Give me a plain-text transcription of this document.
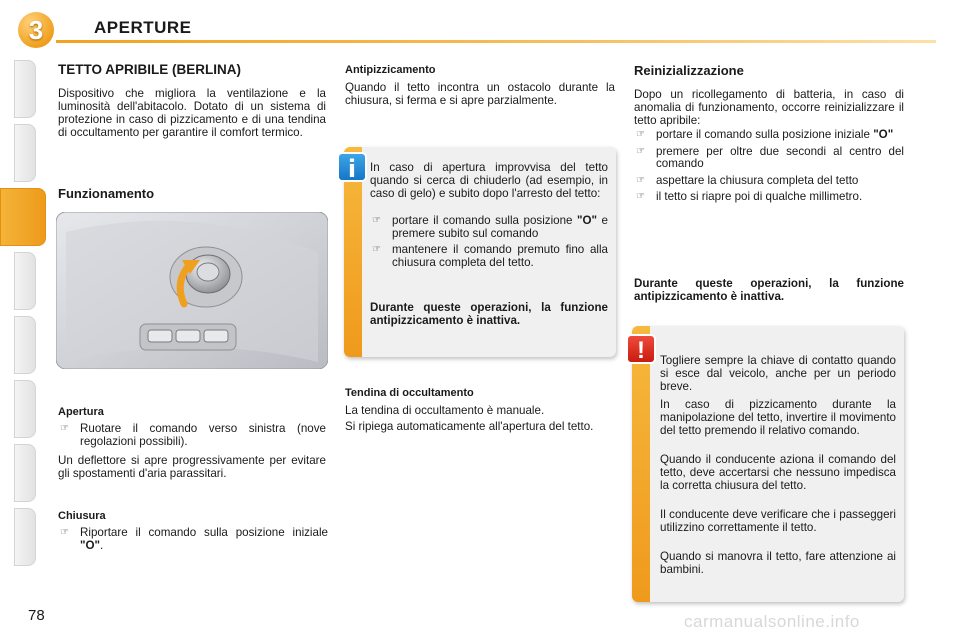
3	APERTURE
TETTO APRIBILE (BERLINA)
Dispositivo che migliora la ventilazione e la luminosità dell'abitacolo. Dotato di un sistema di protezione in caso di pizzicamento e di una tendina di occultamento per garantire il comfort termico.
Funzionamento
Apertura
☞ Ruotare il comando verso sinistra (nove regolazioni possibili).
Un deflettore si apre progressivamente per evitare gli spostamenti d'aria parassitari.
Chiusura
☞ Riportare il comando sulla posizione iniziale "O".
Antipizzicamento
Quando il tetto incontra un ostacolo durante la chiusura, si ferma e si apre parzialmente.
In caso di apertura improvvisa del tetto quando si cerca di chiuderlo (ad esempio, in caso di gelo) e subito dopo l'arresto del tetto:
☞ portare il comando sulla posizione "O" e premere subito sul comando
☞ mantenere il comando premuto fino alla chiusura completa del tetto.
Durante queste operazioni, la funzione antipizzicamento è inattiva.
i
Tendina di occultamento
La tendina di occultamento è manuale.
Si ripiega automaticamente all'apertura del tetto.
Reinizializzazione
Dopo un ricollegamento di batteria, in caso di anomalia di funzionamento, occorre reinizializzare il tetto apribile:
☞ portare il comando sulla posizione iniziale "O"
☞ premere per oltre due secondi al centro del comando
☞ aspettare la chiusura completa del tetto
☞ il tetto si riapre poi di qualche millimetro.
Durante queste operazioni, la funzione antipizzicamento è inattiva.
Togliere sempre la chiave di contatto quando si esce dal veicolo, anche per un periodo breve.
In caso di pizzicamento durante la manipolazione del tetto, invertire il movimento del tetto premendo il relativo comando.
Quando il conducente aziona il comando del tetto, deve accertarsi che nessuno impedisca la corretta chiusura del tetto.
Il conducente deve verificare che i passeggeri utilizzino correttamente il tetto.
Quando si manovra il tetto, fare attenzione ai bambini.
!
78	carmanualsonline.info
